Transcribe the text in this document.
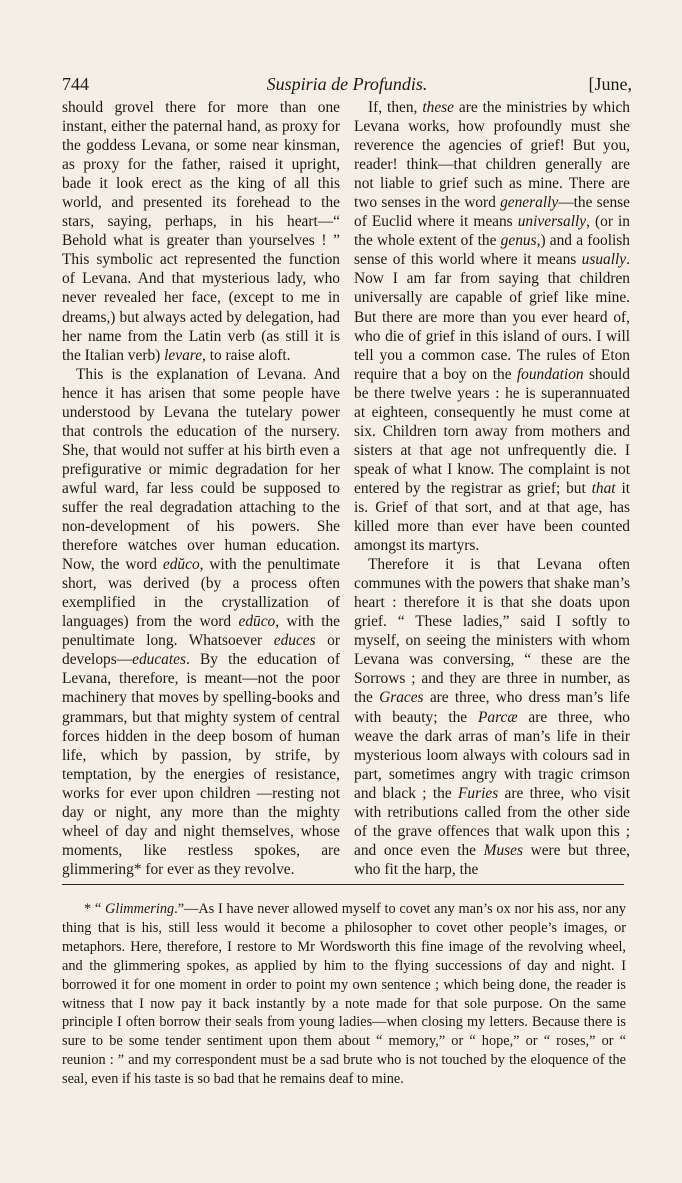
744	Suspiria de Profundis.	[June,

should grovel there for more than one instant, either the paternal hand, as proxy for the goddess Levana, or some near kinsman, as proxy for the father, raised it upright, bade it look erect as the king of all this world, and presented its forehead to the stars, saying, perhaps, in his heart—“ Behold what is greater than yourselves ! ” This symbolic act represented the function of Levana. And that mysterious lady, who never revealed her face, (except to me in dreams,) but always acted by delegation, had her name from the Latin verb (as still it is the Italian verb) levare, to raise aloft.

This is the explanation of Levana. And hence it has arisen that some people have understood by Levana the tutelary power that controls the education of the nursery. She, that would not suffer at his birth even a prefigurative or mimic degradation for her awful ward, far less could be supposed to suffer the real degradation attaching to the non-development of his powers. She therefore watches over human education. Now, the word edŭco, with the penultimate short, was derived (by a process often exemplified in the crystallization of languages) from the word edūco, with the penultimate long. Whatsoever educes or develops—educates. By the education of Levana, therefore, is meant—not the poor machinery that moves by spelling-books and grammars, but that mighty system of central forces hidden in the deep bosom of human life, which by passion, by strife, by temptation, by the energies of resistance, works for ever upon children —resting not day or night, any more than the mighty wheel of day and night themselves, whose moments, like restless spokes, are glimmering* for ever as they revolve.

If, then, these are the ministries by which Levana works, how profoundly must she reverence the agencies of grief! But you, reader! think—that children generally are not liable to grief such as mine. There are two senses in the word generally—the sense of Euclid where it means universally, (or in the whole extent of the genus,) and a foolish sense of this world where it means usually. Now I am far from saying that children universally are capable of grief like mine. But there are more than you ever heard of, who die of grief in this island of ours. I will tell you a common case. The rules of Eton require that a boy on the foundation should be there twelve years : he is superannuated at eighteen, consequently he must come at six. Children torn away from mothers and sisters at that age not unfrequently die. I speak of what I know. The complaint is not entered by the registrar as grief; but that it is. Grief of that sort, and at that age, has killed more than ever have been counted amongst its martyrs.

Therefore it is that Levana often communes with the powers that shake man’s heart : therefore it is that she doats upon grief. “ These ladies,” said I softly to myself, on seeing the ministers with whom Levana was conversing, “ these are the Sorrows ; and they are three in number, as the Graces are three, who dress man’s life with beauty; the Parcæ are three, who weave the dark arras of man’s life in their mysterious loom always with colours sad in part, sometimes angry with tragic crimson and black ; the Furies are three, who visit with retributions called from the other side of the grave offences that walk upon this ; and once even the Muses were but three, who fit the harp, the

* “ Glimmering.”—As I have never allowed myself to covet any man’s ox nor his ass, nor any thing that is his, still less would it become a philosopher to covet other people’s images, or metaphors. Here, therefore, I restore to Mr Wordsworth this fine image of the revolving wheel, and the glimmering spokes, as applied by him to the flying successions of day and night. I borrowed it for one moment in order to point my own sentence ; which being done, the reader is witness that I now pay it back instantly by a note made for that sole purpose. On the same principle I often borrow their seals from young ladies—when closing my letters. Because there is sure to be some tender sentiment upon them about “ memory,” or “ hope,” or “ roses,” or “ reunion : ” and my correspondent must be a sad brute who is not touched by the eloquence of the seal, even if his taste is so bad that he remains deaf to mine.
